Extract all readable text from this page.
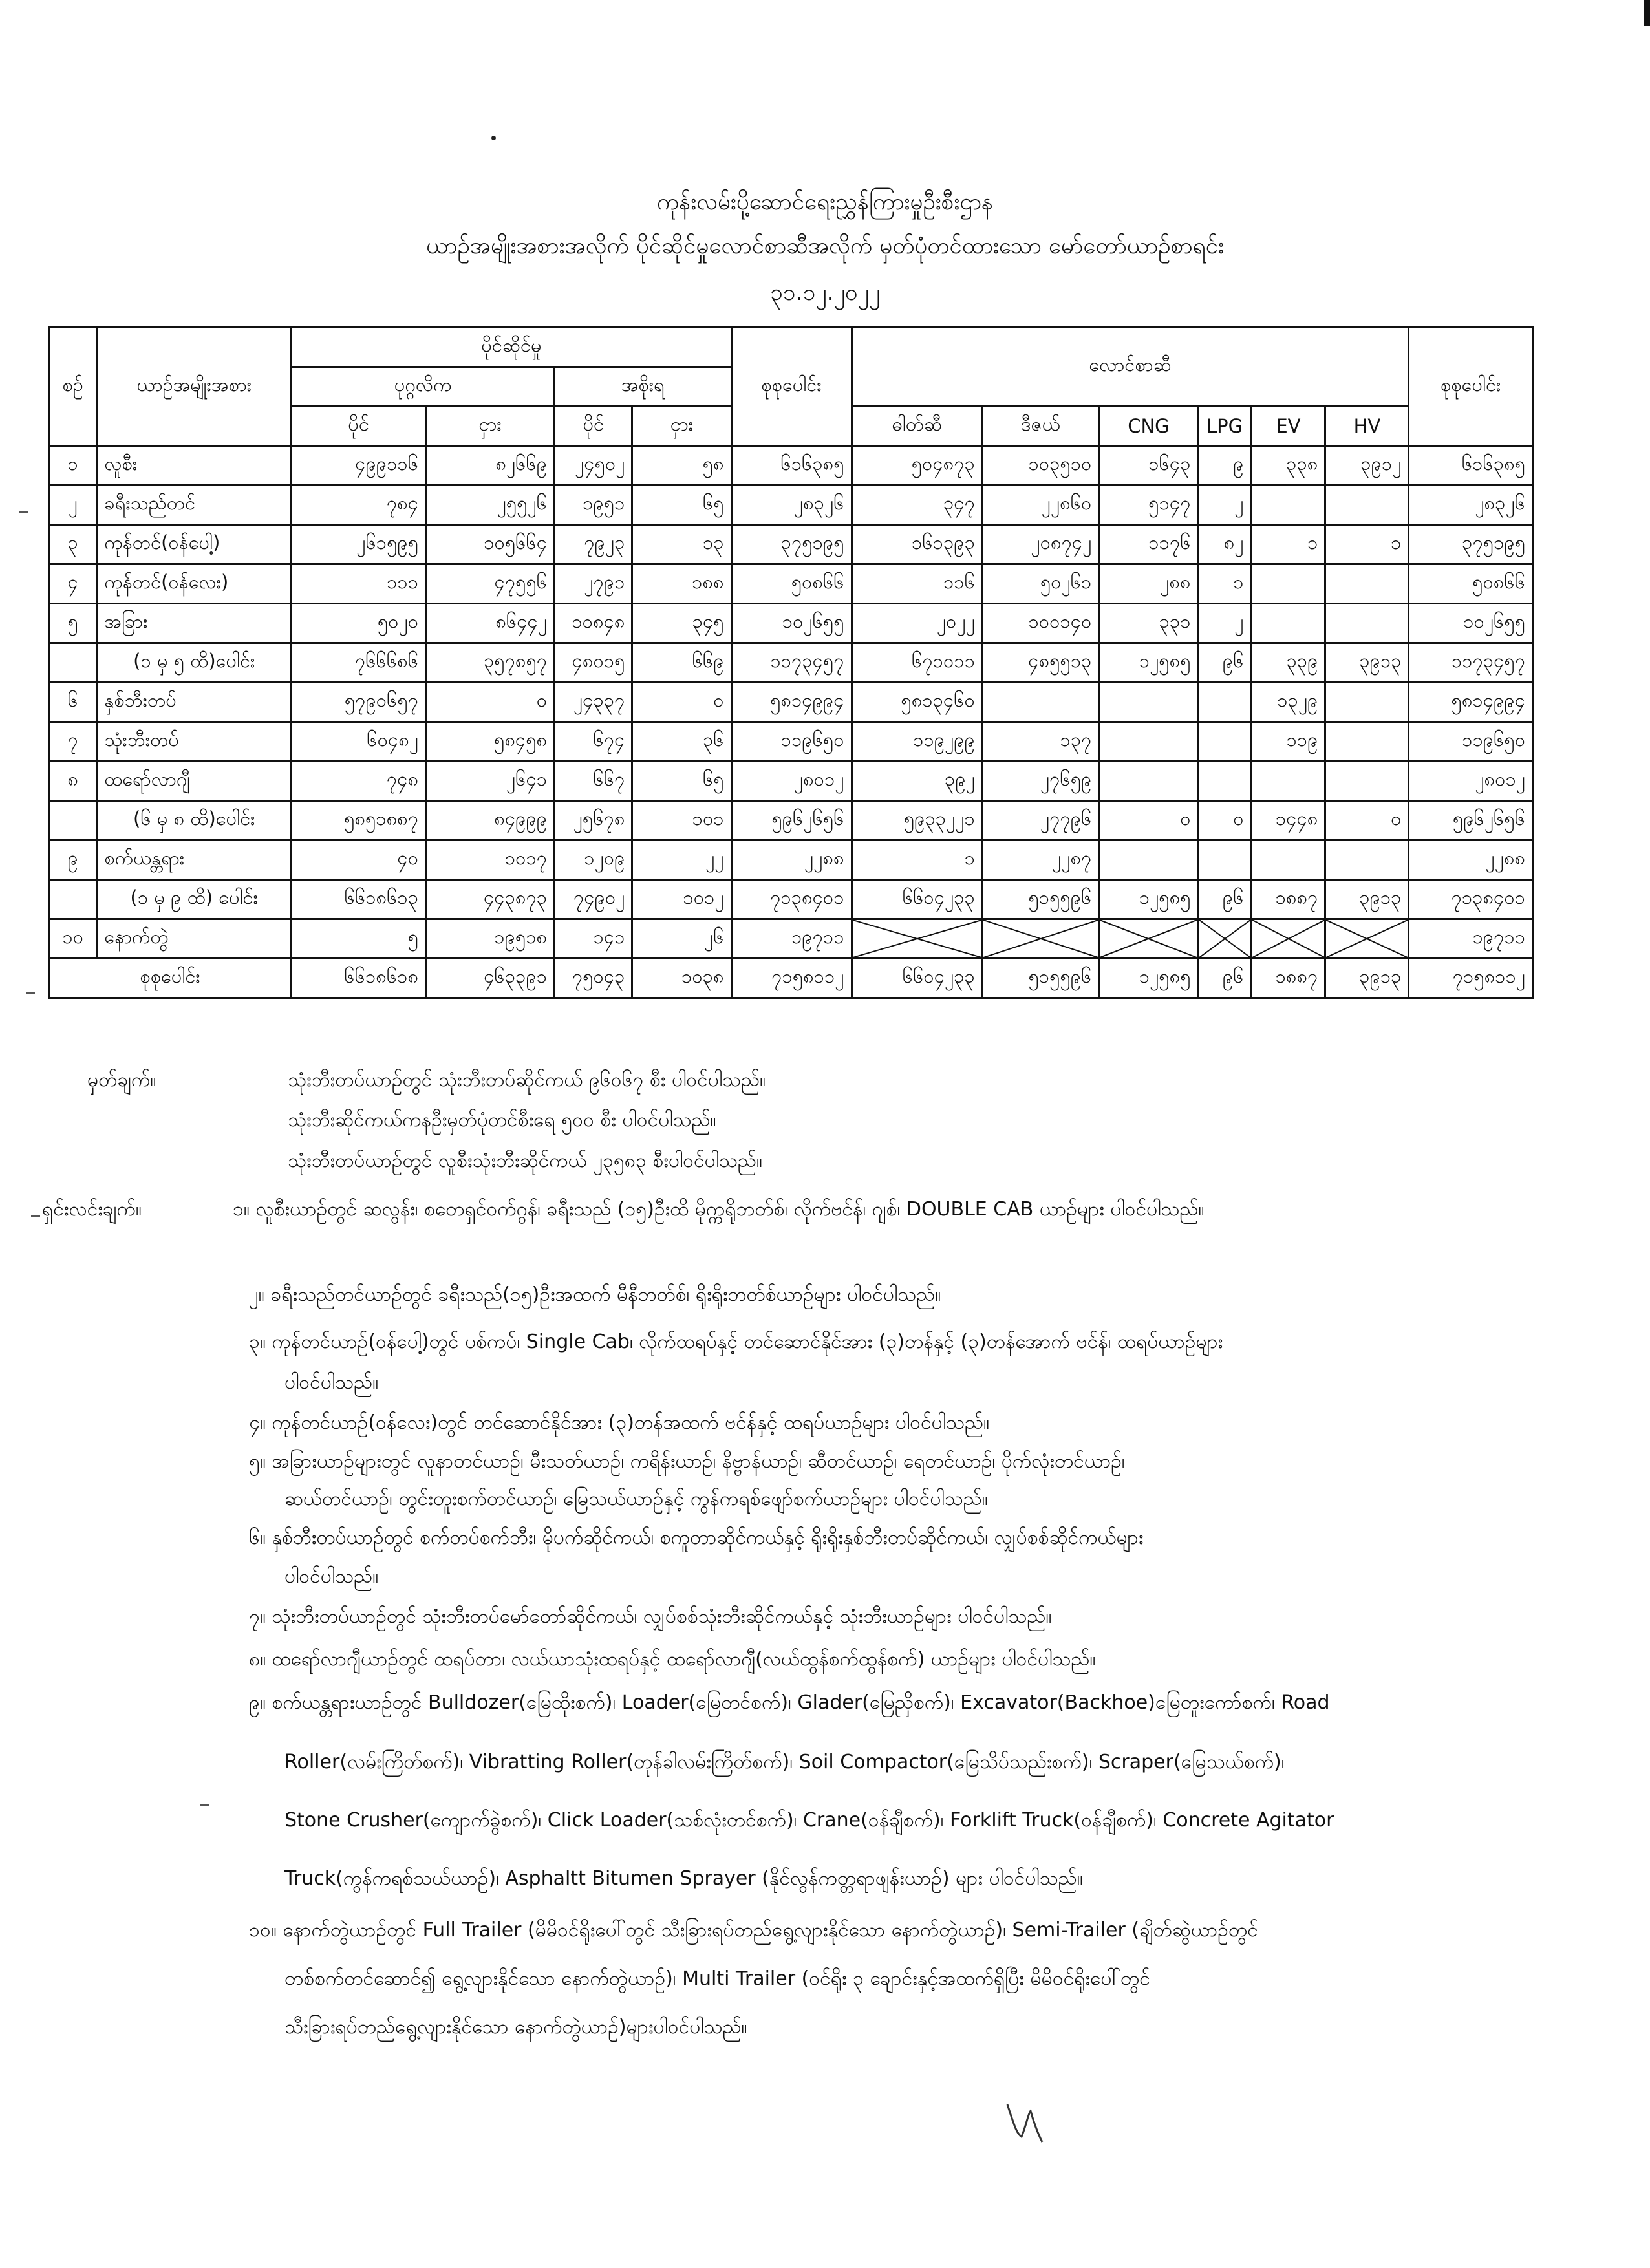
ကုန်းလမ်းပို့ဆောင်ရေးညွှန်ကြားမှုဦးစီးဌာန
ယာဉ်အမျိုးအစားအလိုက် ပိုင်ဆိုင်မှုလောင်စာဆီအလိုက် မှတ်ပုံတင်ထားသော မော်တော်ယာဉ်စာရင်း
၃၁.၁၂.၂၀၂၂
စဉ်	ယာဉ်အမျိုးအစား	ပိုင်ဆိုင်မှု				စုစုပေါင်း	လောင်စာဆီ						စုစုပေါင်း
		ပုဂ္ဂလိက		အစိုးရ									
		ပိုင်	ငှား	ပိုင်	ငှား		ဓါတ်ဆီ	ဒီဇယ်	CNG	LPG	EV	HV	
၁	လူစီး	၄၉၉၁၁၆	၈၂၆၆၉	၂၄၅၀၂	၅၈	၆၁၆၃၈၅	၅၀၄၈၇၃	၁၀၃၅၁၀	၁၆၄၃	၉	၃၃၈	၃၉၁၂	၆၁၆၃၈၅
၂	ခရီးသည်တင်	၇၈၄	၂၅၅၂၆	၁၉၅၁	၆၅	၂၈၃၂၆	၃၄၇	၂၂၈၆၀	၅၁၄၇	၂			၂၈၃၂၆
၃	ကုန်တင်(ဝန်ပေါ့)	၂၆၁၅၉၅	၁၀၅၆၆၄	၇၉၂၃	၁၃	၃၇၅၁၉၅	၁၆၁၃၉၃	၂၀၈၇၄၂	၁၁၇၆	၈၂	၁	၁	၃၇၅၁၉၅
၄	ကုန်တင်(ဝန်လေး)	၁၁၁	၄၇၅၅၆	၂၇၉၁	၁၈၈	၅၀၈၆၆	၁၁၆	၅၀၂၆၁	၂၈၈	၁			၅၀၈၆၆
၅	အခြား	၅၀၂၀	၈၆၄၄၂	၁၀၈၄၈	၃၄၅	၁၀၂၆၅၅	၂၀၂၂	၁၀၀၁၄၀	၃၃၁	၂			၁၀၂၆၅၅
	(၁ မှ ၅ ထိ)ပေါင်း	၇၆၆၆၈၆	၃၅၇၈၅၇	၄၈၀၁၅	၆၆၉	၁၁၇၃၄၅၇	၆၇၁၀၁၁	၄၈၅၅၁၃	၁၂၅၈၅	၉၆	၃၃၉	၃၉၁၃	၁၁၇၃၄၅၇
၆	နှစ်ဘီးတပ်	၅၇၉၀၆၅၇	၀	၂၄၃၃၇	၀	၅၈၁၄၉၉၄	၅၈၁၃၄၆၀				၁၃၂၉		၅၈၁၄၉၉၄
၇	သုံးဘီးတပ်	၆၀၄၈၂	၅၈၄၅၈	၆၇၄	၃၆	၁၁၉၆၅၀	၁၁၉၂၉၉	၁၃၇			၁၁၉		၁၁၉၆၅၀
၈	ထရော်လာဂျီ	၇၄၈	၂၆၄၁	၆၆၇	၆၅	၂၈၀၁၂	၃၉၂	၂၇၆၅၉					၂၈၀၁၂
	(၆ မှ ၈ ထိ)ပေါင်း	၅၈၅၁၈၈၇	၈၄၉၉၉	၂၅၆၇၈	၁၀၁	၅၉၆၂၆၅၆	၅၉၃၃၂၂၁	၂၇၇၉၆	၀	၀	၁၄၄၈	၀	၅၉၆၂၆၅၆
၉	စက်ယန္တရား	၄၀	၁၀၁၇	၁၂၀၉	၂၂	၂၂၈၈	၁	၂၂၈၇					၂၂၈၈
	(၁ မှ ၉ ထိ) ပေါင်း	၆၆၁၈၆၁၃	၄၄၃၈၇၃	၇၄၉၀၂	၁၀၁၂	၇၁၃၈၄၀၁	၆၆၀၄၂၃၃	၅၁၅၅၉၆	၁၂၅၈၅	၉၆	၁၈၈၇	၃၉၁၃	၇၁၃၈၄၀၁
၁၀	နောက်တွဲ	၅	၁၉၅၁၈	၁၄၁	၂၆	၁၉၇၁၁							၁၉၇၁၁
စုစုပေါင်း		၆၆၁၈၆၁၈	၄၆၃၃၉၁	၇၅၀၄၃	၁၀၃၈	၇၁၅၈၁၁၂	၆၆၀၄၂၃၃	၅၁၅၅၉၆	၁၂၅၈၅	၉၆	၁၈၈၇	၃၉၁၃	၇၁၅၈၁၁၂
မှတ်ချက်။	သုံးဘီးတပ်ယာဉ်တွင် သုံးဘီးတပ်ဆိုင်ကယ် ၉၆၀၆၇ စီး ပါဝင်ပါသည်။
သုံးဘီးဆိုင်ကယ်ကနဦးမှတ်ပုံတင်စီးရေ ၅၀၀ စီး ပါဝင်ပါသည်။
သုံးဘီးတပ်ယာဉ်တွင် လူစီးသုံးဘီးဆိုင်ကယ် ၂၃၅၈၃ စီးပါဝင်ပါသည်။
ရှင်းလင်းချက်။	၁။ လူစီးယာဉ်တွင် ဆလွန်း၊ စတေရှင်ဝက်ဂွန်၊ ခရီးသည် (၁၅)ဦးထိ မိုက္ကရိုဘတ်စ်၊ လိုက်ဗင်န်၊ ဂျစ်၊ DOUBLE CAB ယာဉ်များ ပါဝင်ပါသည်။
၂။ ခရီးသည်တင်ယာဉ်တွင် ခရီးသည်(၁၅)ဦးအထက် မီနီဘတ်စ်၊ ရိုးရိုးဘတ်စ်ယာဉ်များ ပါဝင်ပါသည်။
၃။ ကုန်တင်ယာဉ်(ဝန်ပေါ့)တွင် ပစ်ကပ်၊ Single Cab၊ လိုက်ထရပ်နှင့် တင်ဆောင်နိုင်အား (၃)တန်နှင့် (၃)တန်အောက် ဗင်န်၊ ထရပ်ယာဉ်များ
ပါဝင်ပါသည်။
၄။ ကုန်တင်ယာဉ်(ဝန်လေး)တွင် တင်ဆောင်နိုင်အား (၃)တန်အထက် ဗင်န်နှင့် ထရပ်ယာဉ်များ ပါဝင်ပါသည်။
၅။ အခြားယာဉ်များတွင် လူနာတင်ယာဉ်၊ မီးသတ်ယာဉ်၊ ကရိန်းယာဉ်၊ နိဗ္ဗာန်ယာဉ်၊ ဆီတင်ယာဉ်၊ ရေတင်ယာဉ်၊ ပိုက်လုံးတင်ယာဉ်၊
ဆယ်တင်ယာဉ်၊ တွင်းတူးစက်တင်ယာဉ်၊ မြေသယ်ယာဉ်နှင့် ကွန်ကရစ်ဖျော်စက်ယာဉ်များ ပါဝင်ပါသည်။
၆။ နှစ်ဘီးတပ်ယာဉ်တွင် စက်တပ်စက်ဘီး၊ မိုပက်ဆိုင်ကယ်၊ စကူတာဆိုင်ကယ်နှင့် ရိုးရိုးနှစ်ဘီးတပ်ဆိုင်ကယ်၊ လျှပ်စစ်ဆိုင်ကယ်များ
ပါဝင်ပါသည်။
၇။ သုံးဘီးတပ်ယာဉ်တွင် သုံးဘီးတပ်မော်တော်ဆိုင်ကယ်၊ လျှပ်စစ်သုံးဘီးဆိုင်ကယ်နှင့် သုံးဘီးယာဉ်များ ပါဝင်ပါသည်။
၈။ ထရော်လာဂျီယာဉ်တွင် ထရပ်တာ၊ လယ်ယာသုံးထရပ်နှင့် ထရော်လာဂျီ(လယ်ထွန်စက်ထွန်စက်) ယာဉ်များ ပါဝင်ပါသည်။
၉။ စက်ယန္တရားယာဉ်တွင် Bulldozer(မြေထိုးစက်)၊ Loader(မြေတင်စက်)၊ Glader(မြေညှိစက်)၊ Excavator(Backhoe)မြေတူးကော်စက်၊ Road
Roller(လမ်းကြိတ်စက်)၊ Vibratting Roller(တုန်ခါလမ်းကြိတ်စက်)၊ Soil Compactor(မြေသိပ်သည်းစက်)၊ Scraper(မြေသယ်စက်)၊
Stone Crusher(ကျောက်ခွဲစက်)၊ Click Loader(သစ်လုံးတင်စက်)၊ Crane(ဝန်ချီစက်)၊ Forklift Truck(ဝန်ချီစက်)၊ Concrete Agitator
Truck(ကွန်ကရစ်သယ်ယာဉ်)၊ Asphaltt Bitumen Sprayer (နိုင်လွန်ကတ္တရာဖျန်းယာဉ်) များ ပါဝင်ပါသည်။
၁၀။ နောက်တွဲယာဉ်တွင် Full Trailer (မိမိဝင်ရိုးပေါ်တွင် သီးခြားရပ်တည်ရွေ့လျားနိုင်သော နောက်တွဲယာဉ်)၊ Semi-Trailer (ချိတ်ဆွဲယာဉ်တွင်
တစ်စက်တင်ဆောင်၍ ရွေ့လျားနိုင်သော နောက်တွဲယာဉ်)၊ Multi Trailer (ဝင်ရိုး ၃ ချောင်းနှင့်အထက်ရှိပြီး မိမိဝင်ရိုးပေါ်တွင်
သီးခြားရပ်တည်ရွေ့လျားနိုင်သော နောက်တွဲယာဉ်)များပါဝင်ပါသည်။
